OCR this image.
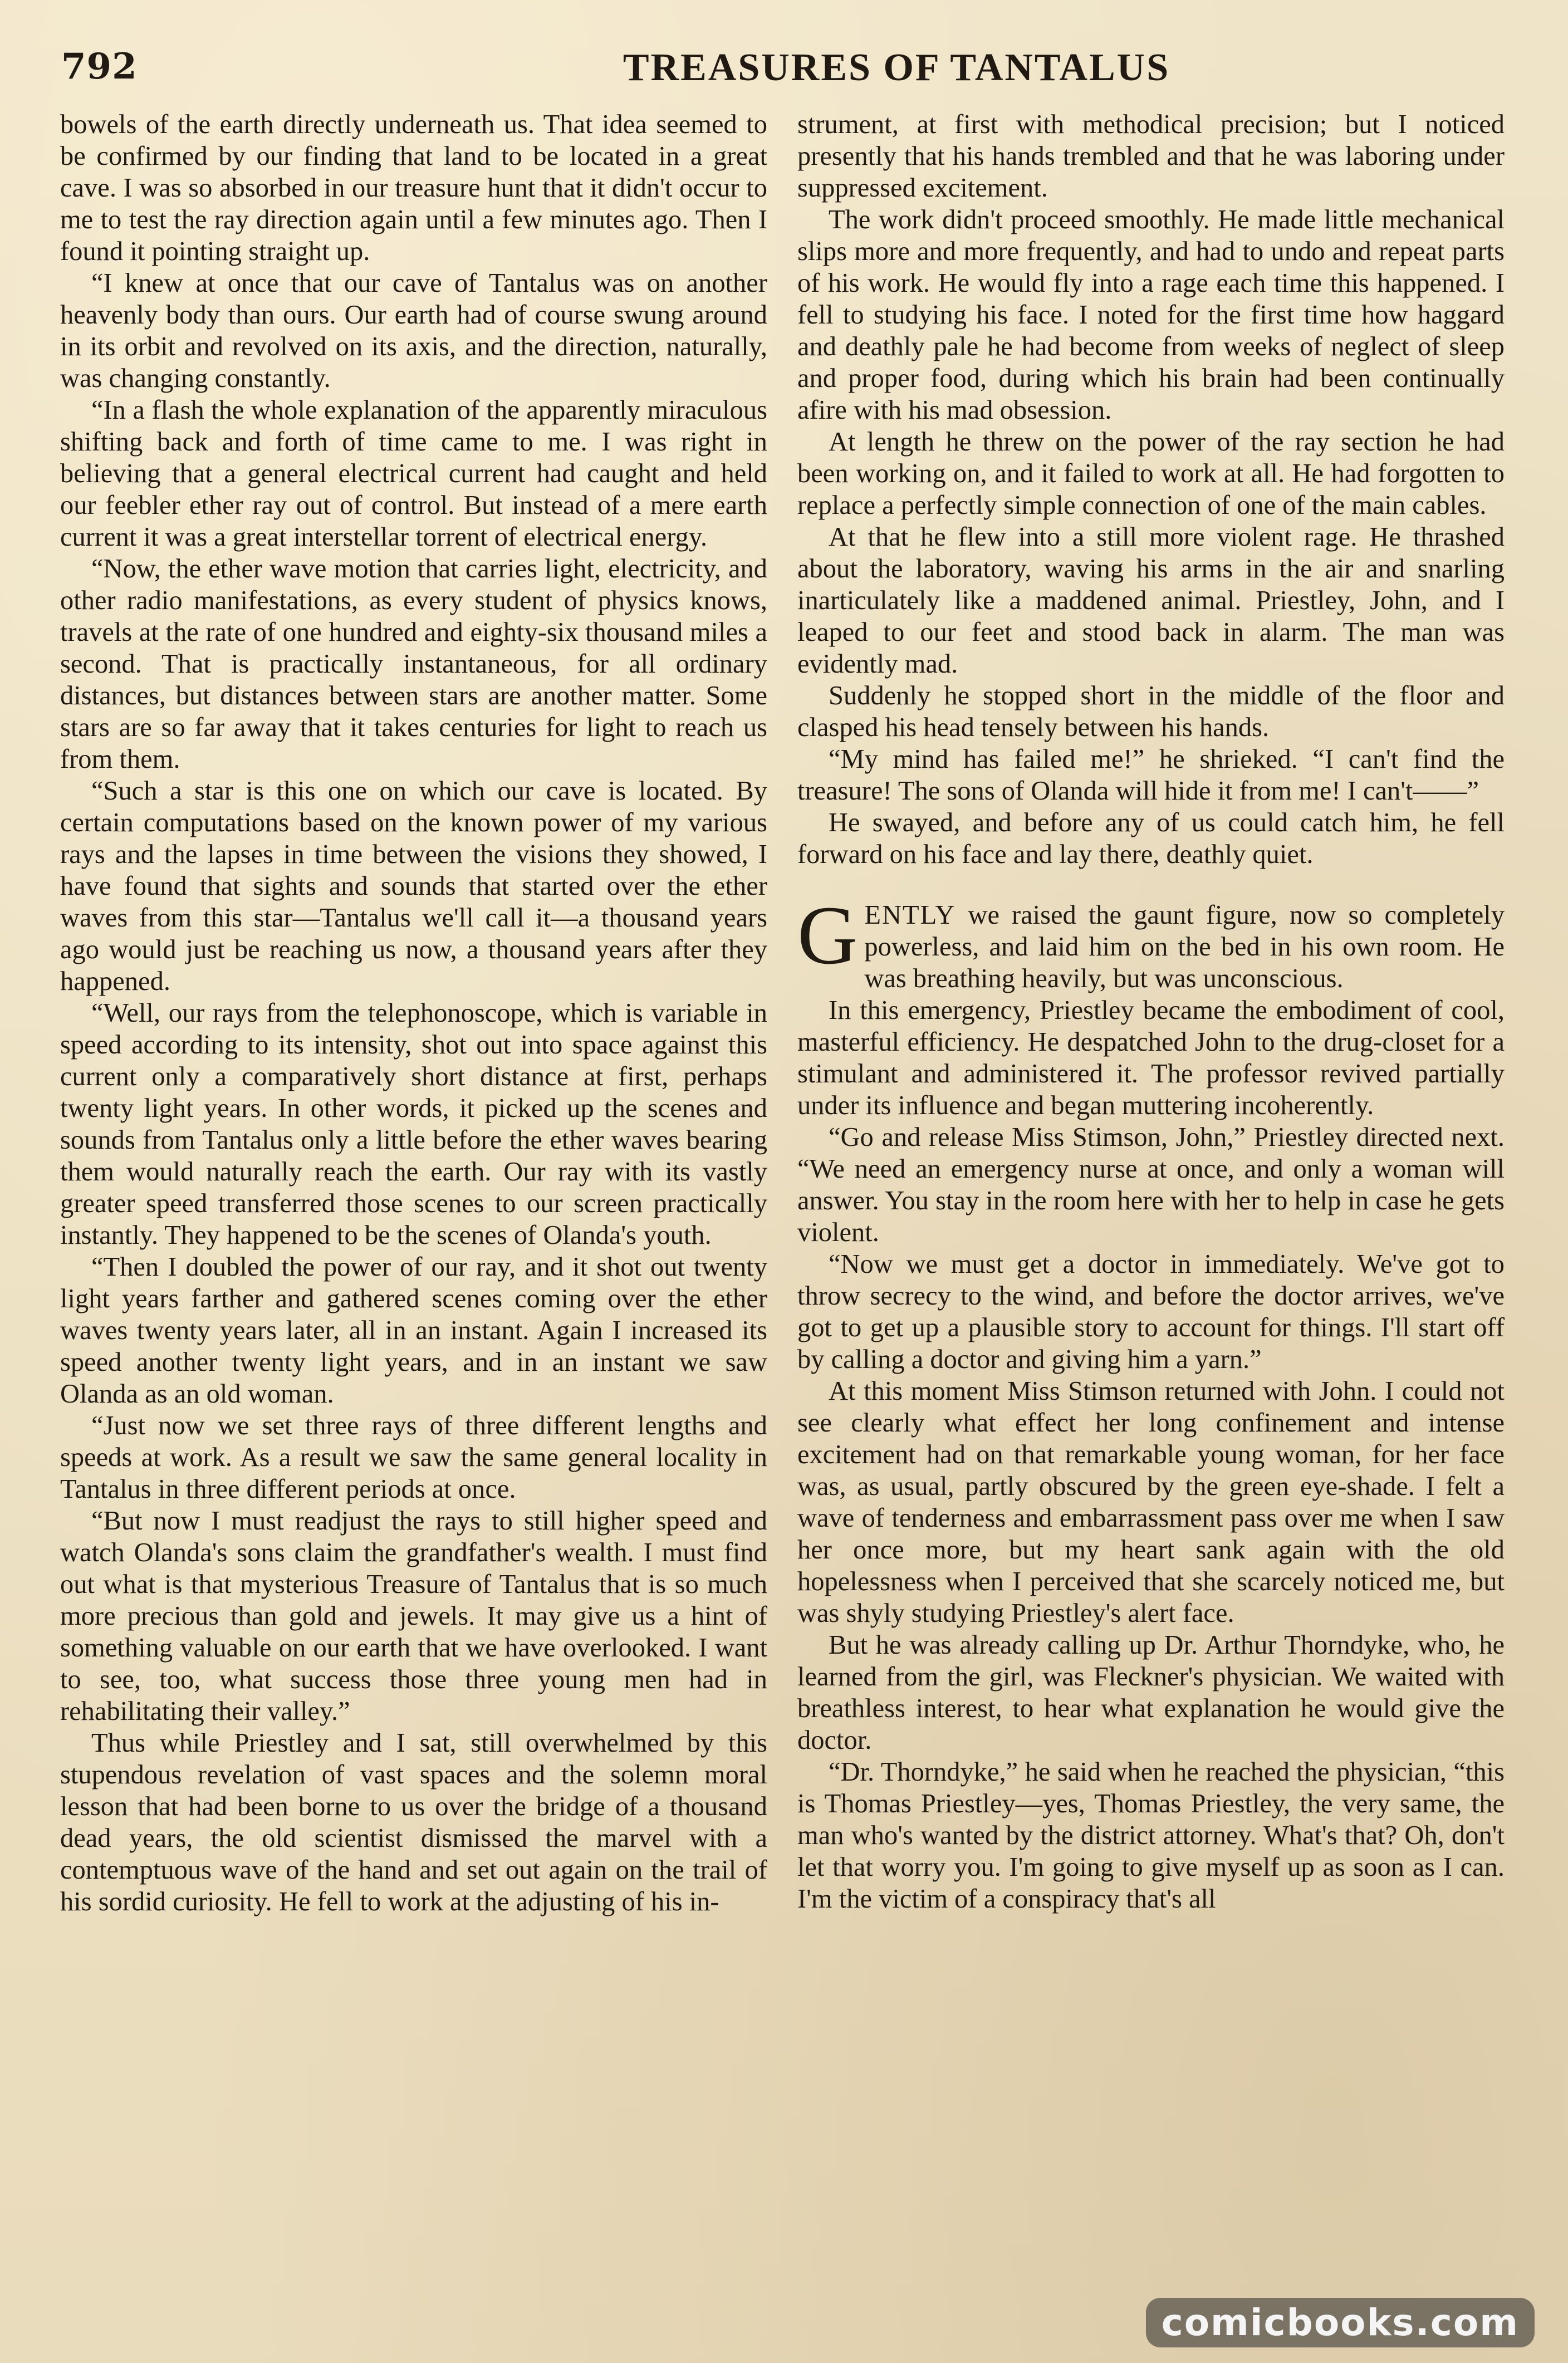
792	TREASURES OF TANTALUS

bowels of the earth directly underneath us. That idea seemed to be confirmed by our finding that land to be located in a great cave. I was so absorbed in our treasure hunt that it didn't occur to me to test the ray direction again until a few minutes ago. Then I found it pointing straight up.

“I knew at once that our cave of Tantalus was on another heavenly body than ours. Our earth had of course swung around in its orbit and revolved on its axis, and the direction, naturally, was changing constantly.

“In a flash the whole explanation of the apparently miraculous shifting back and forth of time came to me. I was right in believing that a general electrical current had caught and held our feebler ether ray out of control. But instead of a mere earth current it was a great interstellar torrent of electrical energy.

“Now, the ether wave motion that carries light, electricity, and other radio manifestations, as every student of physics knows, travels at the rate of one hundred and eighty-six thousand miles a second. That is practically instantaneous, for all ordinary distances, but distances between stars are another matter. Some stars are so far away that it takes centuries for light to reach us from them.

“Such a star is this one on which our cave is located. By certain computations based on the known power of my various rays and the lapses in time between the visions they showed, I have found that sights and sounds that started over the ether waves from this star—Tantalus we'll call it—a thousand years ago would just be reaching us now, a thousand years after they happened.

“Well, our rays from the telephonoscope, which is variable in speed according to its intensity, shot out into space against this current only a comparatively short distance at first, perhaps twenty light years. In other words, it picked up the scenes and sounds from Tantalus only a little before the ether waves bearing them would naturally reach the earth. Our ray with its vastly greater speed transferred those scenes to our screen practically instantly. They happened to be the scenes of Olanda's youth.

“Then I doubled the power of our ray, and it shot out twenty light years farther and gathered scenes coming over the ether waves twenty years later, all in an instant. Again I increased its speed another twenty light years, and in an instant we saw Olanda as an old woman.

“Just now we set three rays of three different lengths and speeds at work. As a result we saw the same general locality in Tantalus in three different periods at once.

“But now I must readjust the rays to still higher speed and watch Olanda's sons claim the grandfather's wealth. I must find out what is that mysterious Treasure of Tantalus that is so much more precious than gold and jewels. It may give us a hint of something valuable on our earth that we have overlooked. I want to see, too, what success those three young men had in rehabilitating their valley.”

Thus while Priestley and I sat, still overwhelmed by this stupendous revelation of vast spaces and the solemn moral lesson that had been borne to us over the bridge of a thousand dead years, the old scientist dismissed the marvel with a contemptuous wave of the hand and set out again on the trail of his sordid curiosity. He fell to work at the adjusting of his in-

strument, at first with methodical precision; but I noticed presently that his hands trembled and that he was laboring under suppressed excitement.

The work didn't proceed smoothly. He made little mechanical slips more and more frequently, and had to undo and repeat parts of his work. He would fly into a rage each time this happened. I fell to studying his face. I noted for the first time how haggard and deathly pale he had become from weeks of neglect of sleep and proper food, during which his brain had been continually afire with his mad obsession.

At length he threw on the power of the ray section he had been working on, and it failed to work at all. He had forgotten to replace a perfectly simple connection of one of the main cables.

At that he flew into a still more violent rage. He thrashed about the laboratory, waving his arms in the air and snarling inarticulately like a maddened animal. Priestley, John, and I leaped to our feet and stood back in alarm. The man was evidently mad.

Suddenly he stopped short in the middle of the floor and clasped his head tensely between his hands.

“My mind has failed me!” he shrieked. “I can't find the treasure! The sons of Olanda will hide it from me! I can't——”

He swayed, and before any of us could catch him, he fell forward on his face and lay there, deathly quiet.

GENTLY we raised the gaunt figure, now so completely powerless, and laid him on the bed in his own room. He was breathing heavily, but was unconscious.

In this emergency, Priestley became the embodiment of cool, masterful efficiency. He despatched John to the drug-closet for a stimulant and administered it. The professor revived partially under its influence and began muttering incoherently.

“Go and release Miss Stimson, John,” Priestley directed next. “We need an emergency nurse at once, and only a woman will answer. You stay in the room here with her to help in case he gets violent.

“Now we must get a doctor in immediately. We've got to throw secrecy to the wind, and before the doctor arrives, we've got to get up a plausible story to account for things. I'll start off by calling a doctor and giving him a yarn.”

At this moment Miss Stimson returned with John. I could not see clearly what effect her long confinement and intense excitement had on that remarkable young woman, for her face was, as usual, partly obscured by the green eye-shade. I felt a wave of tenderness and embarrassment pass over me when I saw her once more, but my heart sank again with the old hopelessness when I perceived that she scarcely noticed me, but was shyly studying Priestley's alert face.

But he was already calling up Dr. Arthur Thorndyke, who, he learned from the girl, was Fleckner's physician. We waited with breathless interest, to hear what explanation he would give the doctor.

“Dr. Thorndyke,” he said when he reached the physician, “this is Thomas Priestley—yes, Thomas Priestley, the very same, the man who's wanted by the district attorney. What's that? Oh, don't let that worry you. I'm going to give myself up as soon as I can. I'm the victim of a conspiracy that's all

comicbooks.com
